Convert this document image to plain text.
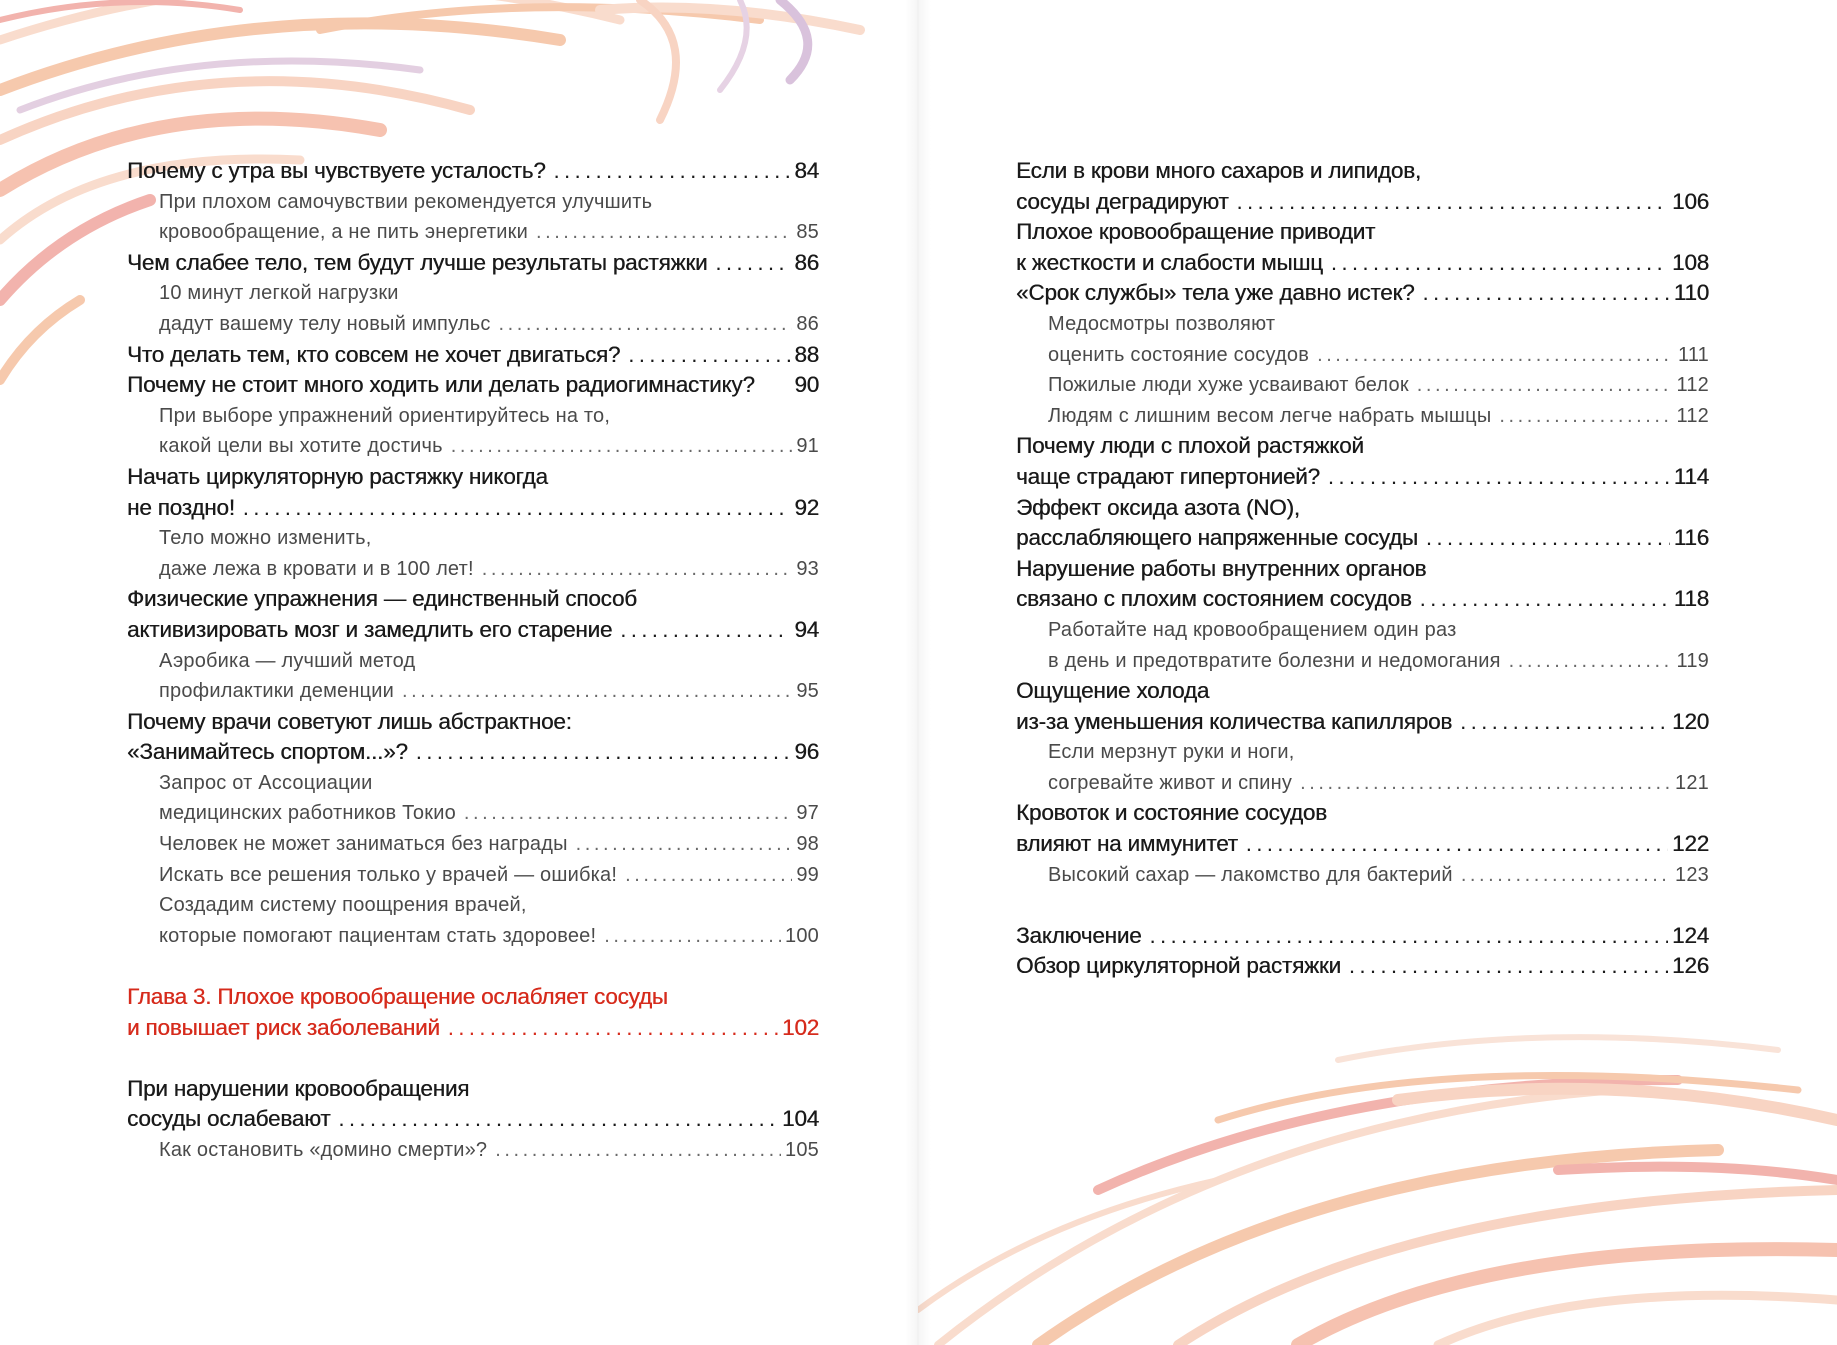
Почему с утра вы чувствуете усталость? . . .	84
При плохом самочувствии рекомендуется улучшить
кровообращение, а не пить энергетики . . .	85
Чем слабее тело, тем будут лучше результаты растяжки . . .	86
10 минут легкой нагрузки
дадут вашему телу новый импульс . . .	86
Что делать тем, кто совсем не хочет двигаться? . . .	88
Почему не стоит много ходить или делать радиогимнастику? 90
При выборе упражнений ориентируйтесь на то,
какой цели вы хотите достичь . . .	91
Начать циркуляторную растяжку никогда
не поздно! . . .	92
Тело можно изменить,
даже лежа в кровати и в 100 лет! . . .	93
Физические упражнения — единственный способ
активизировать мозг и замедлить его старение . . .	94
Аэробика — лучший метод
профилактики деменции . . .	95
Почему врачи советуют лишь абстрактное:
«Занимайтесь спортом...»? . . .	96
Запрос от Ассоциации
медицинских работников Токио . . .	97
Человек не может заниматься без награды . . .	98
Искать все решения только у врачей — ошибка! . . .	99
Создадим систему поощрения врачей,
которые помогают пациентам стать здоровее! . . .	100
Глава 3. Плохое кровообращение ослабляет сосуды
и повышает риск заболеваний . . .	102
При нарушении кровообращения
сосуды ослабевают . . .	104
Как остановить «домино смерти»? . . .	105
Если в крови много сахаров и липидов,
сосуды деградируют . . .	106
Плохое кровообращение приводит
к жесткости и слабости мышц . . .	108
«Срок службы» тела уже давно истек? . . .	110
Медосмотры позволяют
оценить состояние сосудов . . .	111
Пожилые люди хуже усваивают белок . . .	112
Людям с лишним весом легче набрать мышцы . . .	112
Почему люди с плохой растяжкой
чаще страдают гипертонией? . . .	114
Эффект оксида азота (NO),
расслабляющего напряженные сосуды . . .	116
Нарушение работы внутренних органов
связано с плохим состоянием сосудов . . .	118
Работайте над кровообращением один раз
в день и предотвратите болезни и недомогания . . .	119
Ощущение холода
из-за уменьшения количества капилляров . . .	120
Если мерзнут руки и ноги,
согревайте живот и спину . . .	121
Кровоток и состояние сосудов
влияют на иммунитет . . .	122
Высокий сахар — лакомство для бактерий . . .	123
Заключение . . .	124
Обзор циркуляторной растяжки . . .	126
